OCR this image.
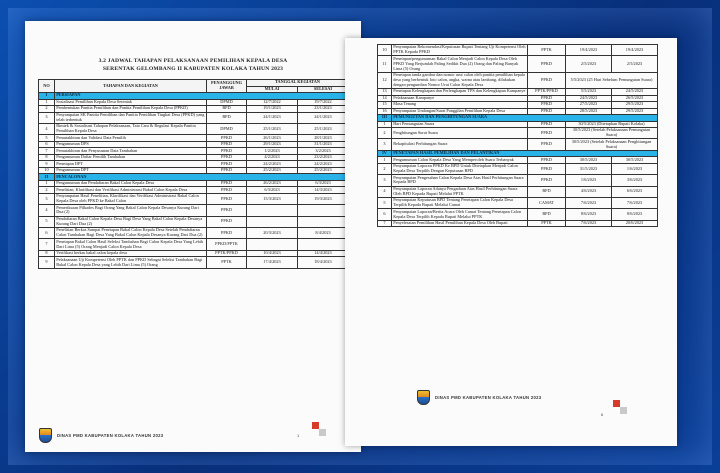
3.2 JADWAL TAHAPAN PELAKSANAAN PEMILIHAN KEPALA DESA
SERENTAK GELOMBANG II KABUPATEN KOLAKA TAHUN 2023
NO	TAHAPAN DAN KEGIATAN	PENANGGUNG JAWAB	TANGGAL KEGIATAN	
			MULAI	SELESAI
I	PERSIAPAN			
1	Sosialisasi Pemilihan Kepala Desa Serentak	DPMD	12/7/2022	19/7/2022
2	Pembentukan Panitia Pemilihan dan Panitia Pemilihan Kepala Desa (PPKD)	BPD	19/1/2023	23/1/2023
3	Penyampaian SK Panitia Pemilihan dan Panitia Pemilihan Tingkat Desa (PPKD) yang telah terbentuk	BPD	24/1/2023	24/1/2023
4	Bimtek & Sosialisasi Tahapan Pelaksanaan, Tata Cara & Regulasi Kepala Panitia Pemilihan Kepala Desa	DPMD	25/1/2023	25/1/2023
5	Pemutakhiran dan Validasi Data Pemilih	PPKD	26/1/2023	28/1/2023
6	Pengumuman DPS	PPKD	29/1/2023	31/1/2023
7	Pemutakhiran dan Penyusunan Data Tambahan	PPKD	1/2/2023	3/2/2023
8	Pengumuman Daftar Pemilih Tambahan	PPKD	4/2/2023	23/2/2023
9	Penetapan DPT	PPKD	24/2/2023	24/2/2023
10	Pengumuman DPT	PPKD	25/2/2023	25/2/2023
II	PENCALONAN			
1	Pengumuman dan Pendaftaran Bakal Calon Kepala Desa	PPKD	26/2/2023	6/3/2023
2	Penelitian, Klarifikasi dan Verifikasi Administrasi Bakal Calon Kepala Desa	PPKD	6/3/2023	14/3/2023
3	Penyampaian Hasil Penelitian, Klarifikasi dan Verifikasi Administrasi Bakal Calon Kepala Desa oleh PPKD ke Bakal Calon	PPKD	15/3/2023	19/3/2023
4	Pemeriksaan Pilkades Bagi Orang Yang Bakal Calon Kepala Desanya Kurang Dari Dua (2)	PPKD		
5	Pendaftaran Bakal Calon Kepala Desa Bagi Desa Yang Bakal Calon Kepala Desanya Kurang Dari Dua (2)	PPKD		
6	Penelitian Berkas Sampai Penetapan Bakal Calon Kepala Desa Setelah Pendaftaran Calon Tambahan Bagi Desa Yang Bakal Calon Kepala Desanya Kurang Dari Dua (2)	PPKD	20/3/2023	8/4/2023
7	Penetapan Bakal Calon Hasil Seleksi Tambahan Bagi Calon Kepala Desa Yang Lebih Dari Lima (5) Orang Menjadi Calon Kepala Desa	PPKD/PPTK		
8	Verifikasi berkas bakal calon kepala desa	PPTK/PPKD	10/4/2023	14/4/2023
9	Pelaksanaan Uji Kompetensi Oleh PPTK dan PPKD Sebagai Seleksi Tambahan Bagi Bakal Calon Kepala Desa yang Lebih Dari Lima (5) Orang	PPTK	17/4/2023	18/4/2023
DINAS PMD KABUPATEN KOLAKA TAHUN 2023	1
10	Penyampaian Rekomendasi/Keputusan Bupati Tentang Uji Kompetensi Oleh PPTK Kepada PPKD	PPTK	19/4/2023	19/4/2023
11	Penetapan/pengumuman Bakal Calon Menjadi Calon Kepala Desa Oleh PPKD Yang Berjumlah Paling Sedikit Dua (2) Orang dan Paling Banyak Lima (5) Orang	PPKD	2/5/2023	2/5/2023
12	Penetapan tanda gambar dan nomor urut calon oleh panitia pemilihan kepala desa yang berbentuk foto calon, angka, warna atau lambang, dilakukan dengan pengundian Nomor Urut Calon Kepala Desa	PPKD	5/5/2023 (25 Hari Sebelum Pemungutan Suara)	
13	Penetapan Kelengkapan dan Perlengkapan TPS dan Kelengkapan Kampanye	PPTK/PPKD	5/5/2023	24/5/2023
14	Pelaksanaan Kampanye	PPKD	24/5/2023	26/5/2023
15	Masa Tenang	PPKD	27/5/2023	29/5/2023
16	Penyampaian Undangan/Surat Panggilan Pemilihan Kepala Desa	PPKD	28/5/2023	29/5/2023
III	PEMUNGUTAN DAN PENGHITUNGAN SUARA			
1	Hari Pemungutan Suara	PPKD	30/5/2023 (Ditetapkan Bupati Kolaka)	
2	Penghitungan Surat Suara	PPKD	30/5/2023 (Setelah Pelaksanaan Pemungutan Suara)	
3	Rekapitulasi Perhitungan Suara	PPKD	30/5/2023 (Setelah Pelaksanaan Penghitungan Suara)	
IV	PENETAPAN HASIL PEMILIHAN DAN PELANTIKAN			
1	Pengumuman Calon Kepala Desa Yang Memperoleh Suara Terbanyak	PPKD	30/5/2023	30/5/2023
2	Penyampaian Laporan PPKD Ke BPD Untuk Ditetapkan Menjadi Calon Kepala Desa Terpilih Dengan Keputusan BPD	PPKD	31/5/2023	1/6/2023
3	Penyampaian Pengesahan Calon Kepala Desa Atas Hasil Perhitungan Suara Kepada BPD	PPKD	1/6/2023	3/6/2023
4	Penyampaian Laporan Adanya Pengaduan Atas Hasil Perhitungan Suara Oleh BPD Kepada Bupati Melalui PPTK	BPD	4/6/2023	6/6/2023
5	Penyampaian Keputusan BPD Tentang Penetapan Calon Kepala Desa Terpilih Kepada Bupati Melalui Camat	CAMAT	7/6/2023	7/6/2023
6	Penyampaian Laporan/Berita Acara Oleh Camat Tentang Penetapan Calon Kepala Desa Terpilih Kepada Bupati Melalui PPTK	BPD	8/6/2023	8/6/2023
7	Penyelesaian Pemilihan Hasil Pemilihan Kepala Desa Oleh Bupati	PPTK	7/6/2023	20/6/2023
DINAS PMD KABUPATEN KOLAKA TAHUN 2023
6
